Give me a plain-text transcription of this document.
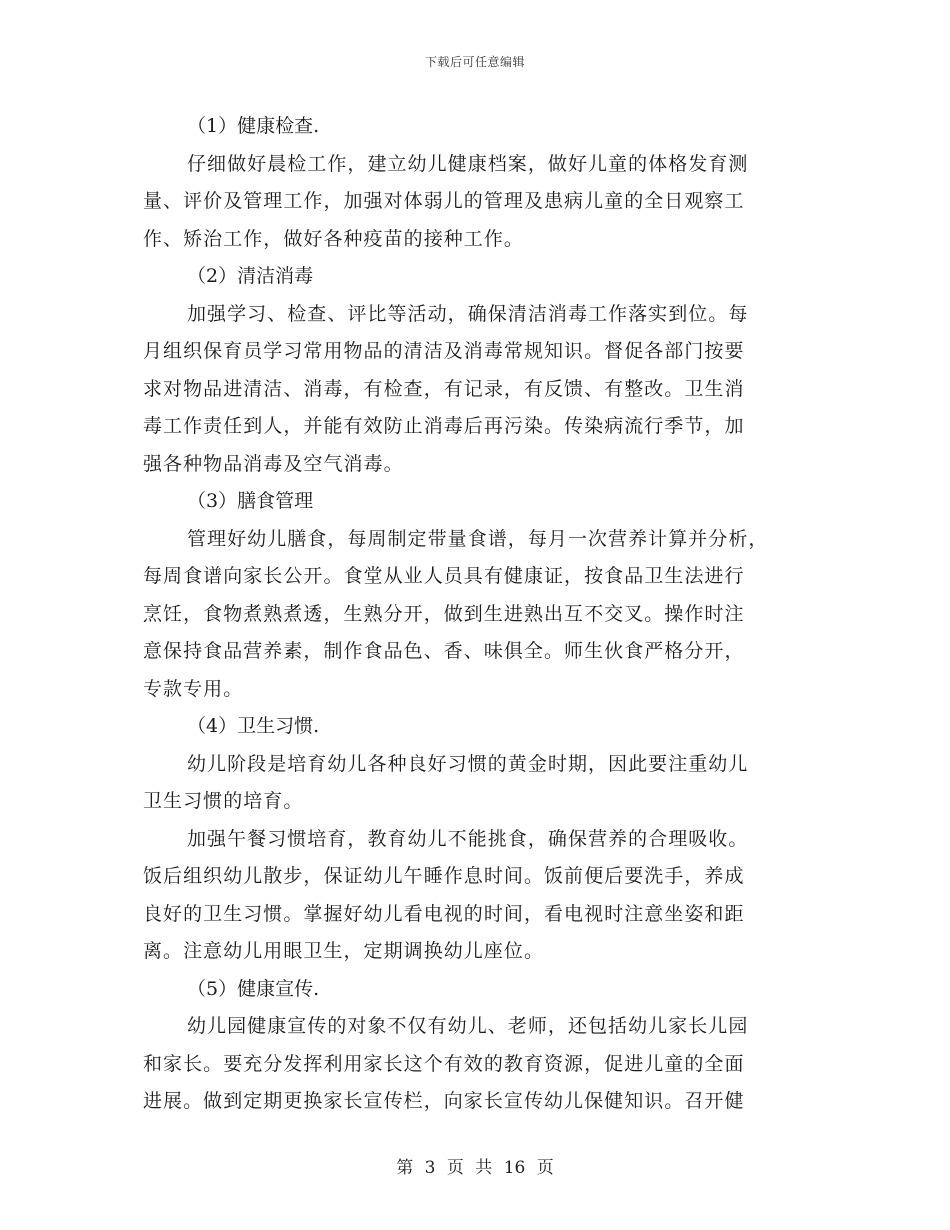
下载后可任意编辑

（1）健康检查.

仔细做好晨检工作，建立幼儿健康档案，做好儿童的体格发育测

量、评价及管理工作，加强对体弱儿的管理及患病儿童的全日观察工

作、矫治工作，做好各种疫苗的接种工作。

（2）清洁消毒

加强学习、检查、评比等活动，确保清洁消毒工作落实到位。每

月组织保育员学习常用物品的清洁及消毒常规知识。督促各部门按要

求对物品进清洁、消毒，有检查，有记录，有反馈、有整改。卫生消

毒工作责任到人，并能有效防止消毒后再污染。传染病流行季节，加

强各种物品消毒及空气消毒。

（3）膳食管理

管理好幼儿膳食，每周制定带量食谱，每月一次营养计算并分析，

每周食谱向家长公开。食堂从业人员具有健康证，按食品卫生法进行

烹饪，食物煮熟煮透，生熟分开，做到生进熟出互不交叉。操作时注

意保持食品营养素，制作食品色、香、味俱全。师生伙食严格分开，

专款专用。

（4）卫生习惯.

幼儿阶段是培育幼儿各种良好习惯的黄金时期，因此要注重幼儿

卫生习惯的培育。

加强午餐习惯培育，教育幼儿不能挑食，确保营养的合理吸收。

饭后组织幼儿散步，保证幼儿午睡作息时间。饭前便后要洗手，养成

良好的卫生习惯。掌握好幼儿看电视的时间，看电视时注意坐姿和距

离。注意幼儿用眼卫生，定期调换幼儿座位。

（5）健康宣传.

幼儿园健康宣传的对象不仅有幼儿、老师，还包括幼儿家长儿园

和家长。要充分发挥利用家长这个有效的教育资源，促进儿童的全面

进展。做到定期更换家长宣传栏，向家长宣传幼儿保健知识。召开健

第 3 页 共 16 页
